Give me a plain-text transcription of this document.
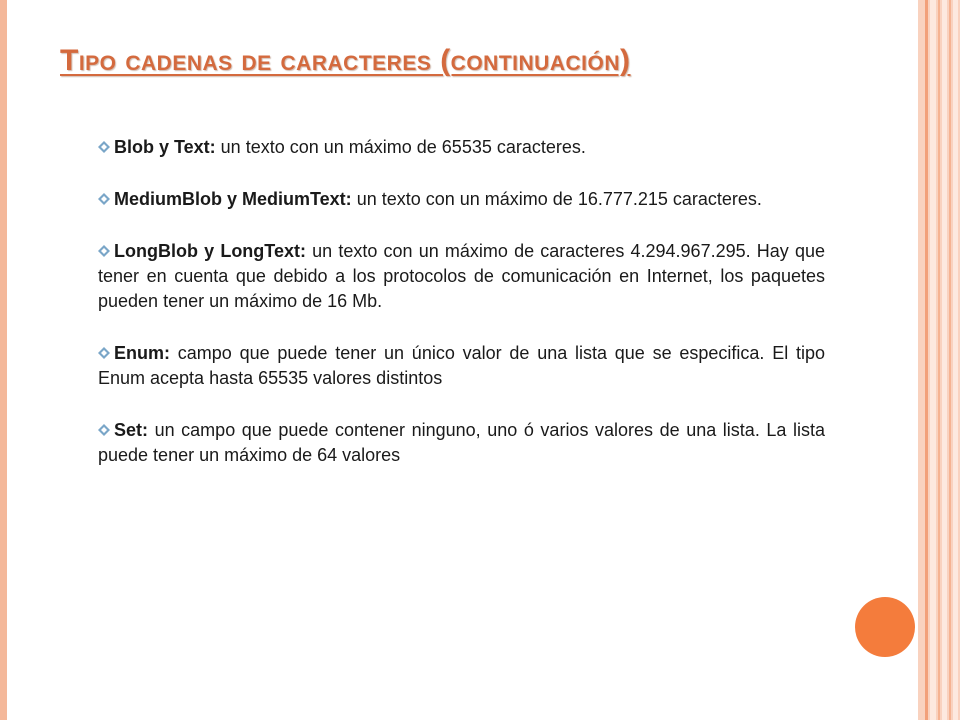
Tipo cadenas de caracteres (continuación)

Blob y Text: un texto con un máximo de 65535 caracteres.

MediumBlob y MediumText: un texto con un máximo de 16.777.215 caracteres.

LongBlob y LongText: un texto con un máximo de caracteres 4.294.967.295. Hay que tener en cuenta que debido a los protocolos de comunicación en Internet, los paquetes pueden tener un máximo de 16 Mb.

Enum: campo que puede tener un único valor de una lista que se especifica. El tipo Enum acepta hasta 65535 valores distintos

Set: un campo que puede contener ninguno, uno ó varios valores de una lista. La lista puede tener un máximo de 64 valores
